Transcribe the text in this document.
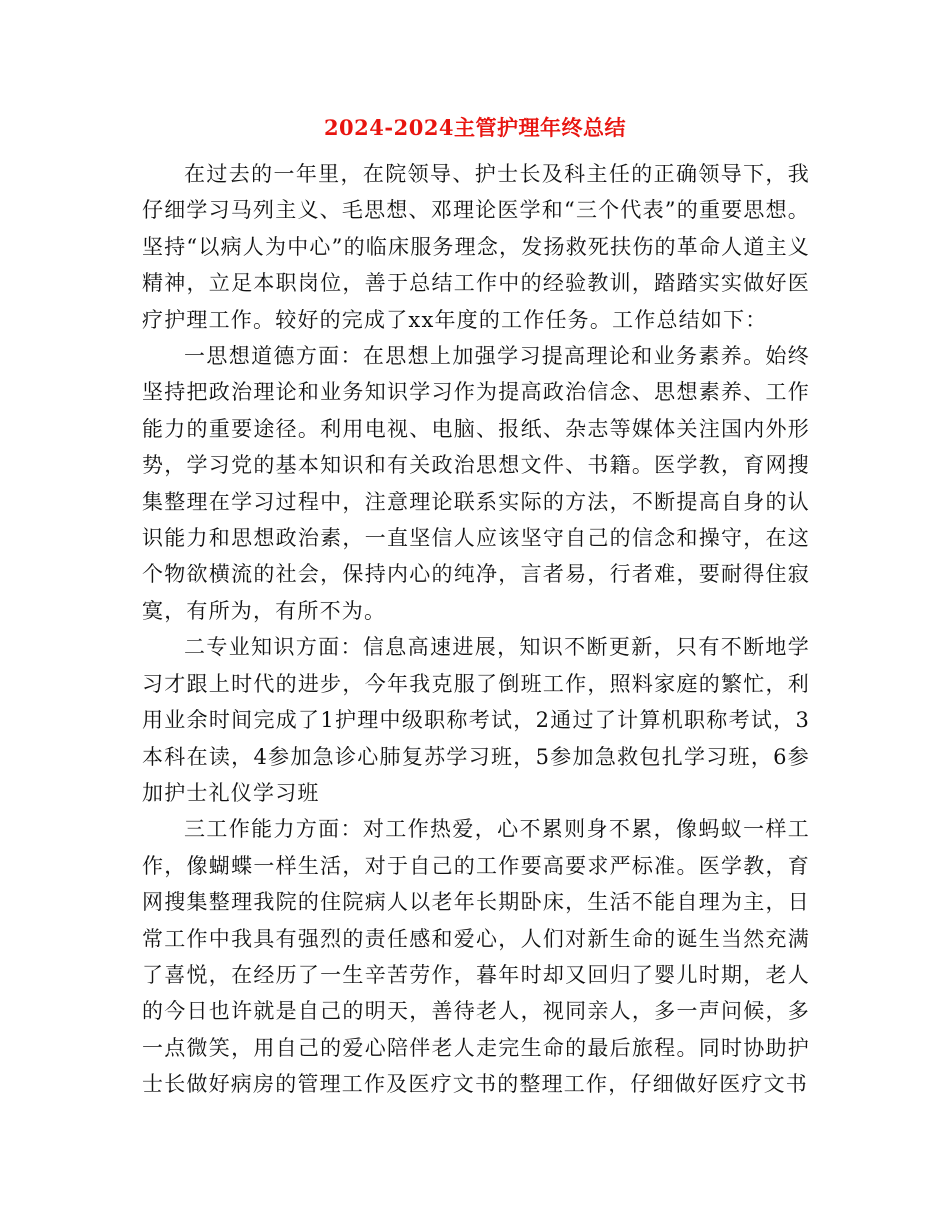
2024-2024主管护理年终总结

在过去的一年里，在院领导、护士长及科主任的正确领导下，我仔细学习马列主义、毛思想、邓理论医学和“三个代表”的重要思想。坚持“以病人为中心”的临床服务理念，发扬救死扶伤的革命人道主义精神，立足本职岗位，善于总结工作中的经验教训，踏踏实实做好医疗护理工作。较好的完成了xx年度的工作任务。工作总结如下：

一思想道德方面：在思想上加强学习提高理论和业务素养。始终坚持把政治理论和业务知识学习作为提高政治信念、思想素养、工作能力的重要途径。利用电视、电脑、报纸、杂志等媒体关注国内外形势，学习党的基本知识和有关政治思想文件、书籍。医学教，育网搜集整理在学习过程中，注意理论联系实际的方法，不断提高自身的认识能力和思想政治素，一直坚信人应该坚守自己的信念和操守，在这个物欲横流的社会，保持内心的纯净，言者易，行者难，要耐得住寂寞，有所为，有所不为。

二专业知识方面：信息高速进展，知识不断更新，只有不断地学习才跟上时代的进步，今年我克服了倒班工作，照料家庭的繁忙，利用业余时间完成了1护理中级职称考试，2通过了计算机职称考试，3本科在读，4参加急诊心肺复苏学习班，5参加急救包扎学习班，6参加护士礼仪学习班

三工作能力方面：对工作热爱，心不累则身不累，像蚂蚁一样工作，像蝴蝶一样生活，对于自己的工作要高要求严标准。医学教，育网搜集整理我院的住院病人以老年长期卧床，生活不能自理为主，日常工作中我具有强烈的责任感和爱心，人们对新生命的诞生当然充满了喜悦，在经历了一生辛苦劳作，暮年时却又回归了婴儿时期，老人的今日也许就是自己的明天，善待老人，视同亲人，多一声问候，多一点微笑，用自己的爱心陪伴老人走完生命的最后旅程。同时协助护士长做好病房的管理工作及医疗文书的整理工作，仔细做好医疗文书
